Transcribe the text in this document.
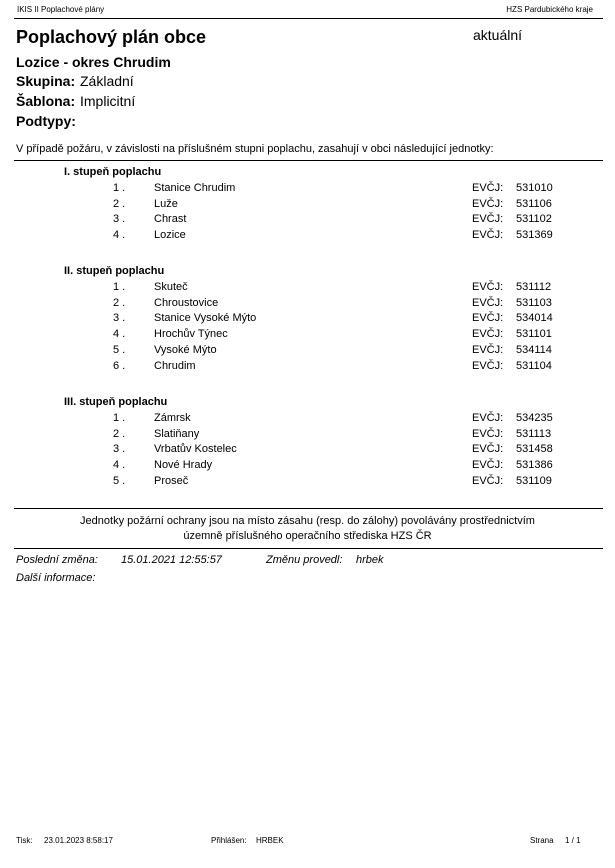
IKIS II Poplachové plány	HZS Pardubického kraje
Poplachový plán obce	aktuální
Lozice - okres Chrudim
Skupina: Základní
Šablona: Implicitní
Podtypy:
V případě požáru, v závislosti na příslušném stupni poplachu, zasahují v obci následující jednotky:
I. stupeň poplachu
1 .	Stanice Chrudim	EVČJ: 531010
2 .	Luže	EVČJ: 531106
3 .	Chrast	EVČJ: 531102
4 .	Lozice	EVČJ: 531369
II. stupeň poplachu
1 .	Skuteč	EVČJ: 531112
2 .	Chroustovice	EVČJ: 531103
3 .	Stanice Vysoké Mýto	EVČJ: 534014
4 .	Hrochův Týnec	EVČJ: 531101
5 .	Vysoké Mýto	EVČJ: 534114
6 .	Chrudim	EVČJ: 531104
III. stupeň poplachu
1 .	Zámrsk	EVČJ: 534235
2 .	Slatiňany	EVČJ: 531113
3 .	Vrbatův Kostelec	EVČJ: 531458
4 .	Nové Hrady	EVČJ: 531386
5 .	Proseč	EVČJ: 531109
Jednotky požární ochrany jsou na místo zásahu (resp. do zálohy) povolávány prostřednictvím
územně příslušného operačního střediska HZS ČR
Poslední změna: 15.01.2021 12:55:57	Změnu provedl: hrbek
Další informace:
Tisk: 23.01.2023 8:58:17	Přihlášen: HRBEK	Strana 1 / 1
